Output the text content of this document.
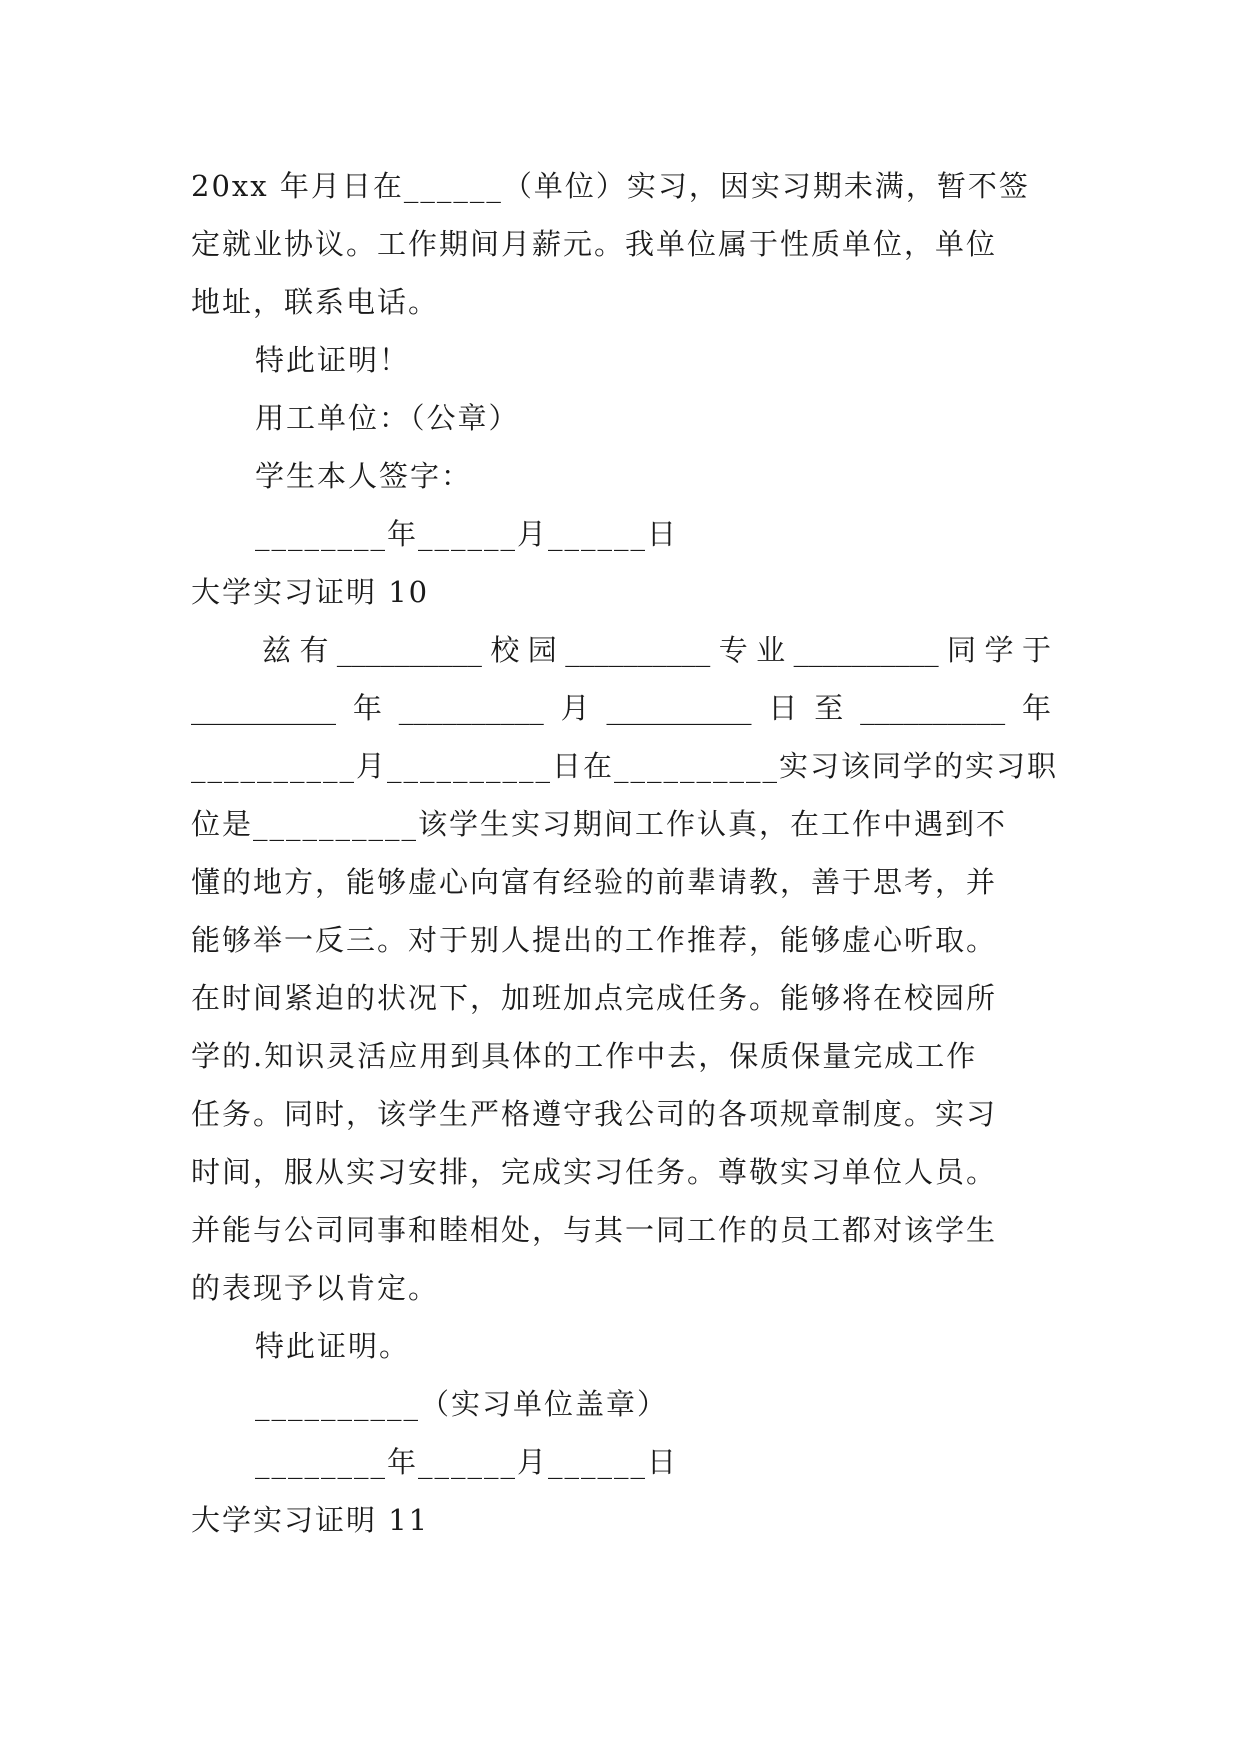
20xx 年月日在______（单位）实习，因实习期未满，暂不签
定就业协议。工作期间月薪元。我单位属于性质单位，单位
地址，联系电话。
特此证明！
用工单位：（公章）
学生本人签字：
________年______月______日
大学实习证明 10
兹 有 __________ 校 园 __________ 专 业 __________ 同 学 于
__________ 年 __________ 月 __________ 日 至 __________ 年
__________月__________日在__________实习该同学的实习职
位是__________该学生实习期间工作认真，在工作中遇到不
懂的地方，能够虚心向富有经验的前辈请教，善于思考，并
能够举一反三。对于别人提出的工作推荐，能够虚心听取。
在时间紧迫的状况下，加班加点完成任务。能够将在校园所
学的.知识灵活应用到具体的工作中去，保质保量完成工作
任务。同时，该学生严格遵守我公司的各项规章制度。实习
时间，服从实习安排，完成实习任务。尊敬实习单位人员。
并能与公司同事和睦相处，与其一同工作的员工都对该学生
的表现予以肯定。
特此证明。
__________（实习单位盖章）
________年______月______日
大学实习证明 11
